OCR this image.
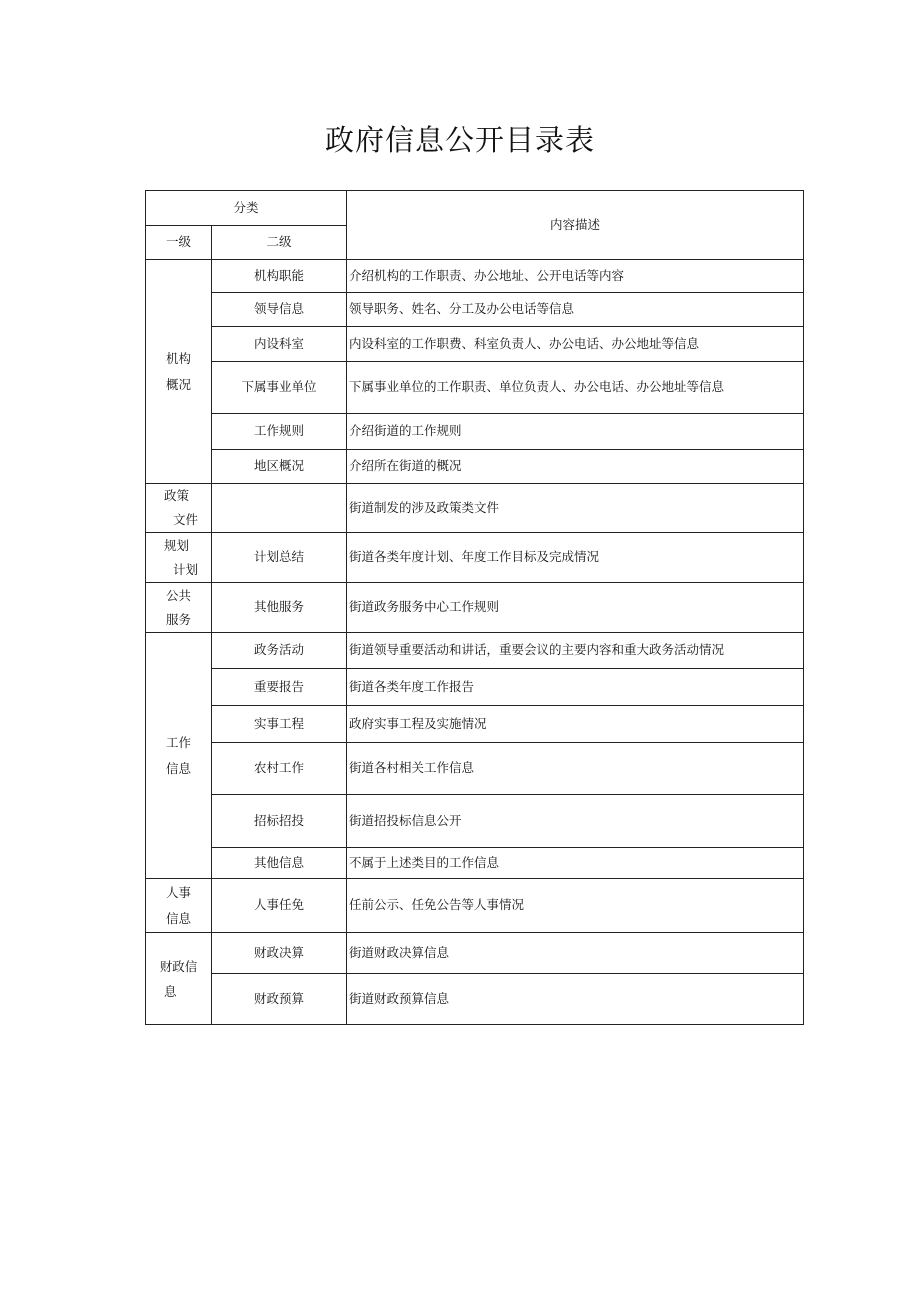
政府信息公开目录表
分类		内容描述
一级	二级	

机构
概况	机构职能	介绍机构的工作职责、办公地址、公开电话等内容
	领导信息	领导职务、姓名、分工及办公电话等信息
	内设科室	内设科室的工作职费、科室负责人、办公电话、办公地址等信息
	下属事业单位	下属事业单位的工作职责、单位负责人、办公电话、办公地址等信息
	工作规则	介绍街道的工作规则
	地区概况	介绍所在街道的概况

政策
文件		街道制发的涉及政策类文件

规划
计划	计划总结	街道各类年度计划、年度工作目标及完成情况

公共
服务	其他服务	街道政务服务中心工作规则

工作
信息	政务活动	街道领导重要活动和讲话，重要会议的主要内容和重大政务活动情况
	重要报告	街道各类年度工作报告
	实事工程	政府实事工程及实施情况
	农村工作	街道各村相关工作信息
	招标招投	街道招投标信息公开
	其他信息	不属于上述类目的工作信息

人事
信息	人事任免	任前公示、任免公告等人事情况

财政信
息	财政决算	街道财政决算信息
	财政预算	街道财政预算信息
